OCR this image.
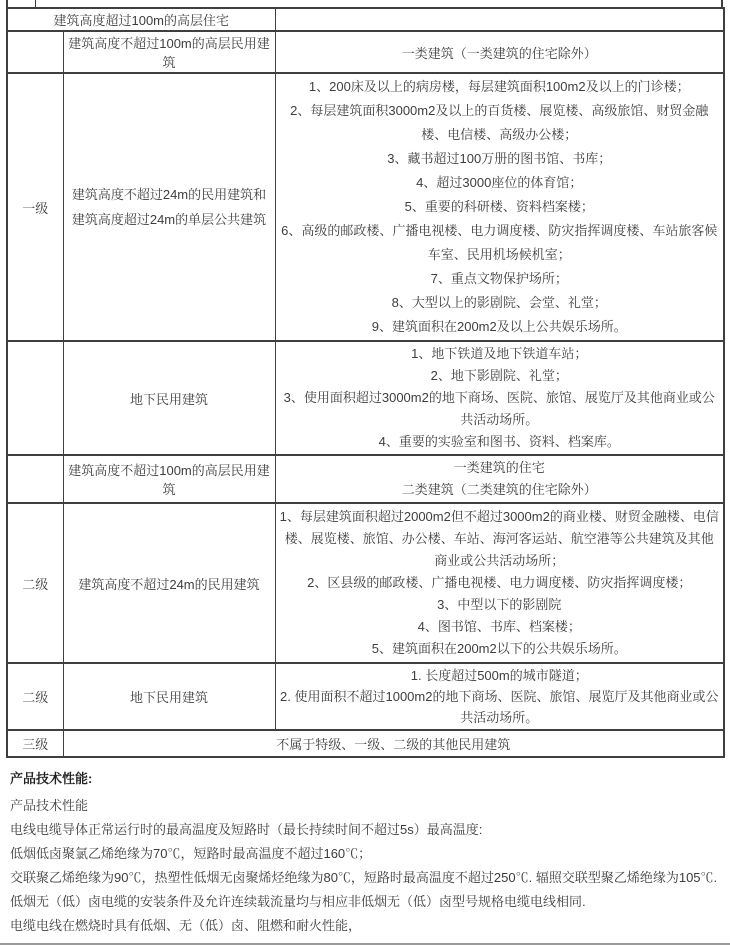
建筑高度超过100m的高层住宅		
	建筑高度不超过100m的高层民用建筑	一类建筑（一类建筑的住宅除外）
一级	建筑高度不超过24m的民用建筑和建筑高度超过24m的单层公共建筑	
1、200床及以上的病房楼，每层建筑面积100m2及以上的门诊楼；
2、每层建筑面积3000m2及以上的百货楼、展览楼、高级旅馆、财贸金融楼、电信楼、高级办公楼；
3、藏书超过100万册的图书馆、书库；
4、超过3000座位的体育馆；
5、重要的科研楼、资料档案楼；
6、高级的邮政楼、广播电视楼、电力调度楼、防灾指挥调度楼、车站旅客候车室、民用机场候机室；
7、重点文物保护场所；
8、大型以上的影剧院、会堂、礼堂；
9、建筑面积在200m2及以上公共娱乐场所。

	地下民用建筑	1、地下铁道及地下铁道车站；
2、地下影剧院、礼堂；
3、使用面积超过3000m2的地下商场、医院、旅馆、展览厅及其他商业或公共活动场所。
4、重要的实验室和图书、资料、档案库。

	建筑高度不超过100m的高层民用建筑	一类建筑的住宅
二类建筑（二类建筑的住宅除外）

二级	建筑高度不超过24m的民用建筑	1、每层建筑面积超过2000m2但不超过3000m2的商业楼、财贸金融楼、电信楼、展览楼、旅馆、办公楼、车站、海河客运站、航空港等公共建筑及其他商业或公共活动场所；
2、区县级的邮政楼、广播电视楼、电力调度楼、防灾指挥调度楼；
3、中型以下的影剧院
4、图书馆、书库、档案楼；
5、建筑面积在200m2以下的公共娱乐场所。

二级	地下民用建筑	1. 长度超过500m的城市隧道；
2. 使用面积不超过1000m2的地下商场、医院、旅馆、展览厅及其他商业或公共活动场所。

三级	不属于特级、一级、二级的其他民用建筑	
产品技术性能:

产品技术性能

电线电缆导体正常运行时的最高温度及短路时（最长持续时间不超过5s）最高温度:

低烟低卤聚氯乙烯绝缘为70℃，短路时最高温度不超过160℃；

交联聚乙烯绝缘为90℃，热塑性低烟无卤聚烯烃绝缘为80℃，短路时最高温度不超过250℃. 辐照交联型聚乙烯绝缘为105℃.

低烟无（低）卤电缆的安装条件及允许连续载流量均与相应非低烟无（低）卤型号规格电缆电线相同.

电缆电线在燃烧时具有低烟、无（低）卤、阻燃和耐火性能，
